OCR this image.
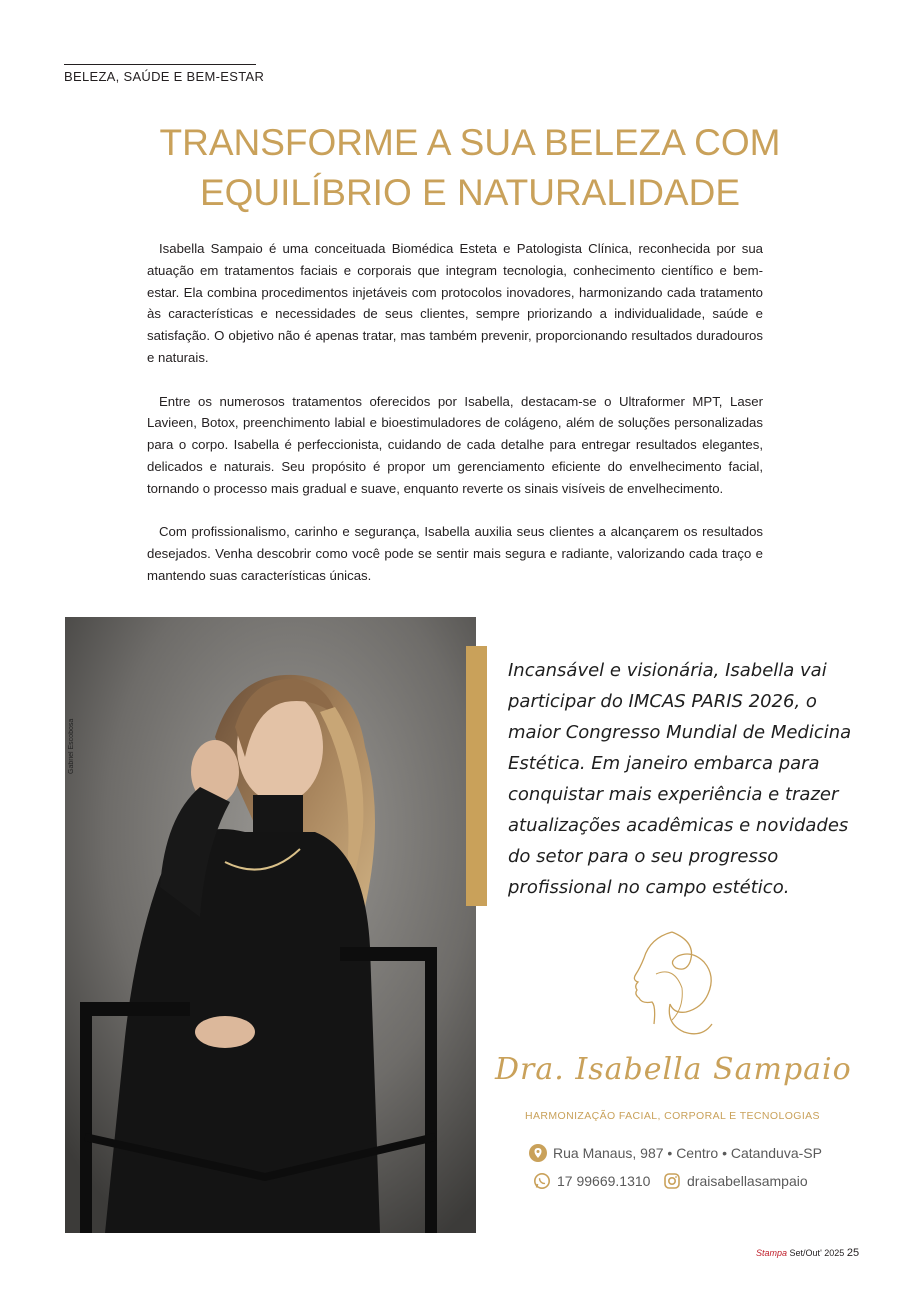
BELEZA, SAÚDE E BEM-ESTAR
TRANSFORME A SUA BELEZA COM
EQUILÍBRIO E NATURALIDADE

Isabella Sampaio é uma conceituada Biomédica Esteta e Patologista Clínica, reconhecida por sua atuação em tratamentos faciais e corporais que integram tecnologia, conhecimento científico e bem-estar. Ela combina procedimentos injetáveis com protocolos inovadores, harmonizando cada tratamento às características e necessidades de seus clientes, sempre priorizando a individualidade, saúde e satisfação. O objetivo não é apenas tratar, mas também prevenir, proporcionando resultados duradouros e naturais.

Entre os numerosos tratamentos oferecidos por Isabella, destacam-se o Ultraformer MPT, Laser Lavieen, Botox, preenchimento labial e bioestimuladores de colágeno, além de soluções personalizadas para o corpo. Isabella é perfeccionista, cuidando de cada detalhe para entregar resultados elegantes, delicados e naturais. Seu propósito é propor um gerenciamento eficiente do envelhecimento facial, tornando o processo mais gradual e suave, enquanto reverte os sinais visíveis de envelhecimento.

Com profissionalismo, carinho e segurança, Isabella auxilia seus clientes a alcançarem os resultados desejados. Venha descobrir como você pode se sentir mais segura e radiante, valorizando cada traço e mantendo suas características únicas.

Gabriel Escobosa
Incansável e visionária, Isabella vai participar do IMCAS PARIS 2026, o maior Congresso Mundial de Medicina Estética. Em janeiro embarca para conquistar mais experiência e trazer atualizações acadêmicas e novidades do setor para o seu progresso profissional no campo estético.
Dra. Isabella Sampaio
HARMONIZAÇÃO FACIAL, CORPORAL E TECNOLOGIAS
Rua Manaus, 987 • Centro • Catanduva-SP
17 99669.1310	draisabellasampaio
Stampa Set/Out' 2025 25
